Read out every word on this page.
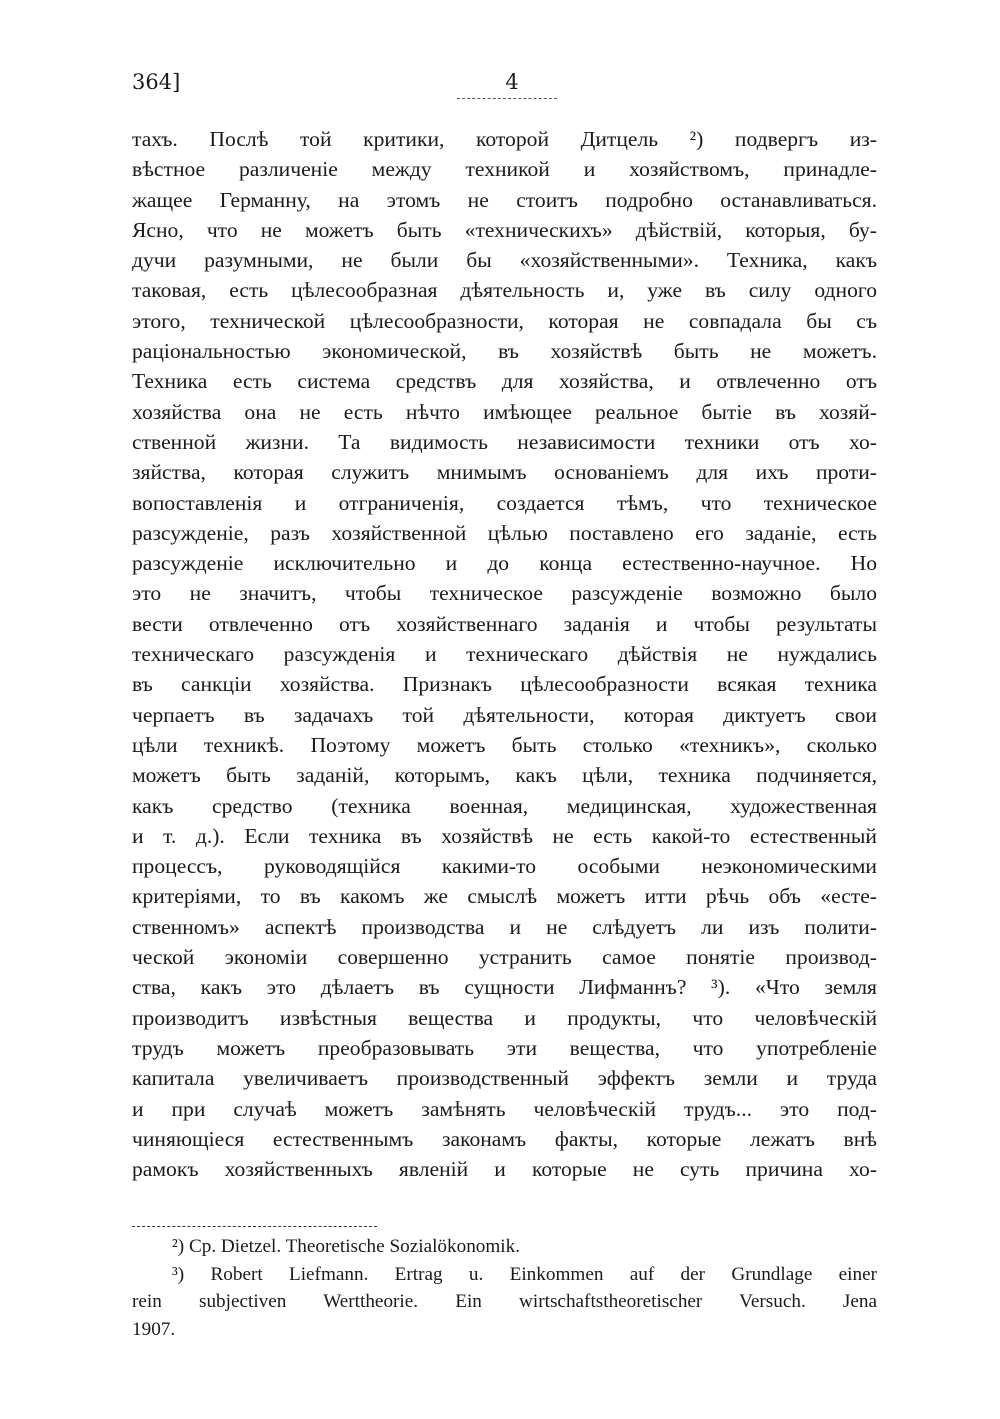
364]	4
тахъ. Послѣ той критики, которой Дитцель ²) подвергъ из-
вѣстное различеніе между техникой и хозяйствомъ, принадле-
жащее Германну, на этомъ не стоитъ подробно останавливаться.
Ясно, что не можетъ быть «техническихъ» дѣйствій, которыя, бу-
дучи разумными, не были бы «хозяйственными». Техника, какъ
таковая, есть цѣлесообразная дѣятельность и, уже въ силу одного
этого, технической цѣлесообразности, которая не совпадала бы съ
раціональностью экономической, въ хозяйствѣ быть не можетъ.
Техника есть система средствъ для хозяйства, и отвлеченно отъ
хозяйства она не есть нѣчто имѣющее реальное бытіе въ хозяй-
ственной жизни. Та видимость независимости техники отъ хо-
зяйства, которая служитъ мнимымъ основаніемъ для ихъ проти-
вопоставленія и отграниченія, создается тѣмъ, что техническое
разсужденіе, разъ хозяйственной цѣлью поставлено его заданіе, есть
разсужденіе исключительно и до конца естественно-научное. Но
это не значитъ, чтобы техническое разсужденіе возможно было
вести отвлеченно отъ хозяйственнаго заданія и чтобы результаты
техническаго разсужденія и техническаго дѣйствія не нуждались
въ санкціи хозяйства. Признакъ цѣлесообразности всякая техника
черпаетъ въ задачахъ той дѣятельности, которая диктуетъ свои
цѣли техникѣ. Поэтому можетъ быть столько «техникъ», сколько
можетъ быть заданій, которымъ, какъ цѣли, техника подчиняется,
какъ средство (техника военная, медицинская, художественная
и т. д.). Если техника въ хозяйствѣ не есть какой-то естественный
процессъ, руководящійся какими-то особыми неэкономическими
критеріями, то въ какомъ же смыслѣ можетъ итти рѣчь объ «есте-
ственномъ» аспектѣ производства и не слѣдуетъ ли изъ полити-
ческой экономіи совершенно устранить самое понятіе производ-
ства, какъ это дѣлаетъ въ сущности Лифманнъ? ³). «Что земля
производитъ извѣстныя вещества и продукты, что человѣческій
трудъ можетъ преобразовывать эти вещества, что употребленіе
капитала увеличиваетъ производственный эффектъ земли и труда
и при случаѣ можетъ замѣнять человѣческій трудъ... это под-
чиняющіеся естественнымъ законамъ факты, которые лежатъ внѣ
рамокъ хозяйственныхъ явленій и которые не суть причина хо-
²) Cp. Dietzel. Theoretische Sozialökonomik.
³) Robert Liefmann. Ertrag u. Einkommen auf der Grundlage einer
rein subjectiven Werttheorie. Ein wirtschaftstheoretischer Versuch. Jena
1907.
